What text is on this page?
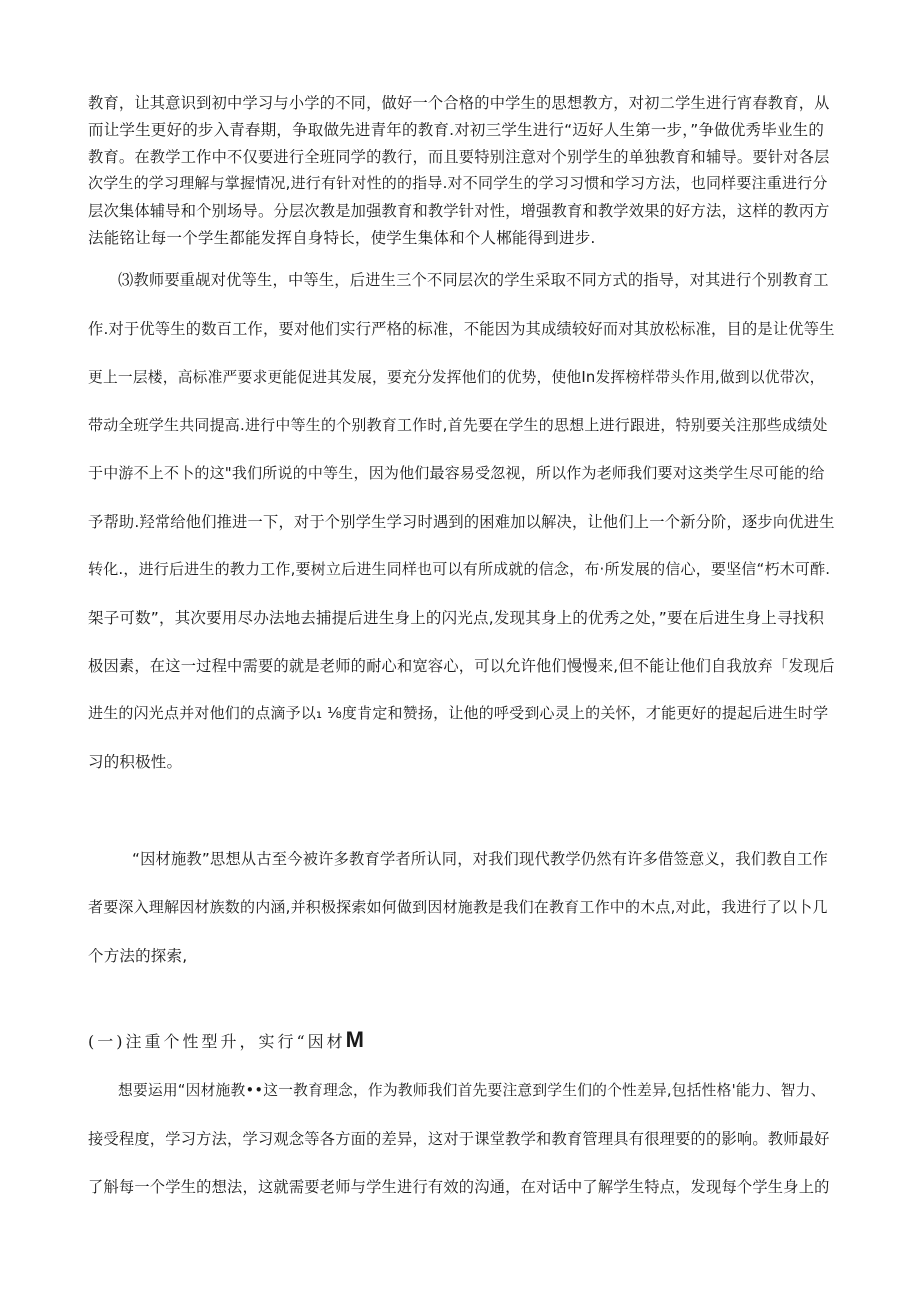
教育，让其意识到初中学习与小学的不同，做好一个合格的中学生的思想教方，对初二学生进行宵春教育，从
而让学生更好的步入青春期，争取做先进青年的教育.对初三学生进行“迈好人生第一步，”争做优秀毕业生的
教育。在教学工作中不仅要进行全班同学的教行，而且要特别注意对个别学生的单独教育和辅导。要针对各层
次学生的学习理解与掌握情况,进行有针对性的的指导.对不同学生的学习习惯和学习方法，也同样要注重进行分
层次集体辅导和个别场导。分层次教是加强教育和教学针对性，增强教育和教学效果的好方法，这样的教丙方
法能铭让每一个学生都能发挥自身特长，使学生集体和个人郴能得到进步.
⑶教师要重觇对优等生，中等生，后进生三个不同层次的学生采取不同方式的指导，对其进行个别教育工
作.对于优等生的数百工作，要对他们实行严格的标准，不能因为其成绩较好而对其放松标准，目的是让优等生
更上一层楼，高标准严要求更能促进其发展，要充分发挥他们的优势，使他In发挥榜样带头作用,做到以优带次，
带动全班学生共同提高.进行中等生的个别教育工作时,首先要在学生的思想上进行跟进，特别要关注那些成绩处
于中游不上不卜的这"我们所说的中等生，因为他们最容易受忽视，所以作为老师我们要对这类学生尽可能的给
予帮助.羟常给他们推进一下，对于个别学生学习时遇到的困难加以解决，让他们上一个新分阶，逐步向优进生
转化.，进行后进生的教力工作,要树立后进生同样也可以有所成就的信念，布·所发展的信心，要坚信“朽木可酢.
架子可数”，其次要用尽办法地去捕提后进生身上的闪光点,发现其身上的优秀之处，”要在后进生身上寻找积
极因素，在这一过程中需要的就是老师的耐心和宽容心，可以允许他们慢慢来,但不能让他们自我放弃「发现后
进生的闪光点并对他们的点滴予以₁ ⅛度肯定和赞扬，让他的呼受到心灵上的关怀，才能更好的提起后进生时学
习的积极性。
“因材施教”思想从古至今被许多教育学者所认同，对我们现代教学仍然有许多借签意义，我们教自工作
者要深入理解因材族数的内涵,并积极探索如何做到因材施教是我们在教育工作中的木点,对此，我进行了以卜几
个方法的探索,
(一)注重个性型升，实行“因材M
想要运用“因材施教••这一教育理念，作为教师我们首先要注意到学生们的个性差异,包括性格'能力、智力、
接受程度，学习方法，学习观念等各方面的差异，这对于课堂教学和教育管理具有很理要的的影响。教师最好
了斛每一个学生的想法，这就需要老师与学生进行有效的沟通，在对话中了解学生特点，发现每个学生身上的
